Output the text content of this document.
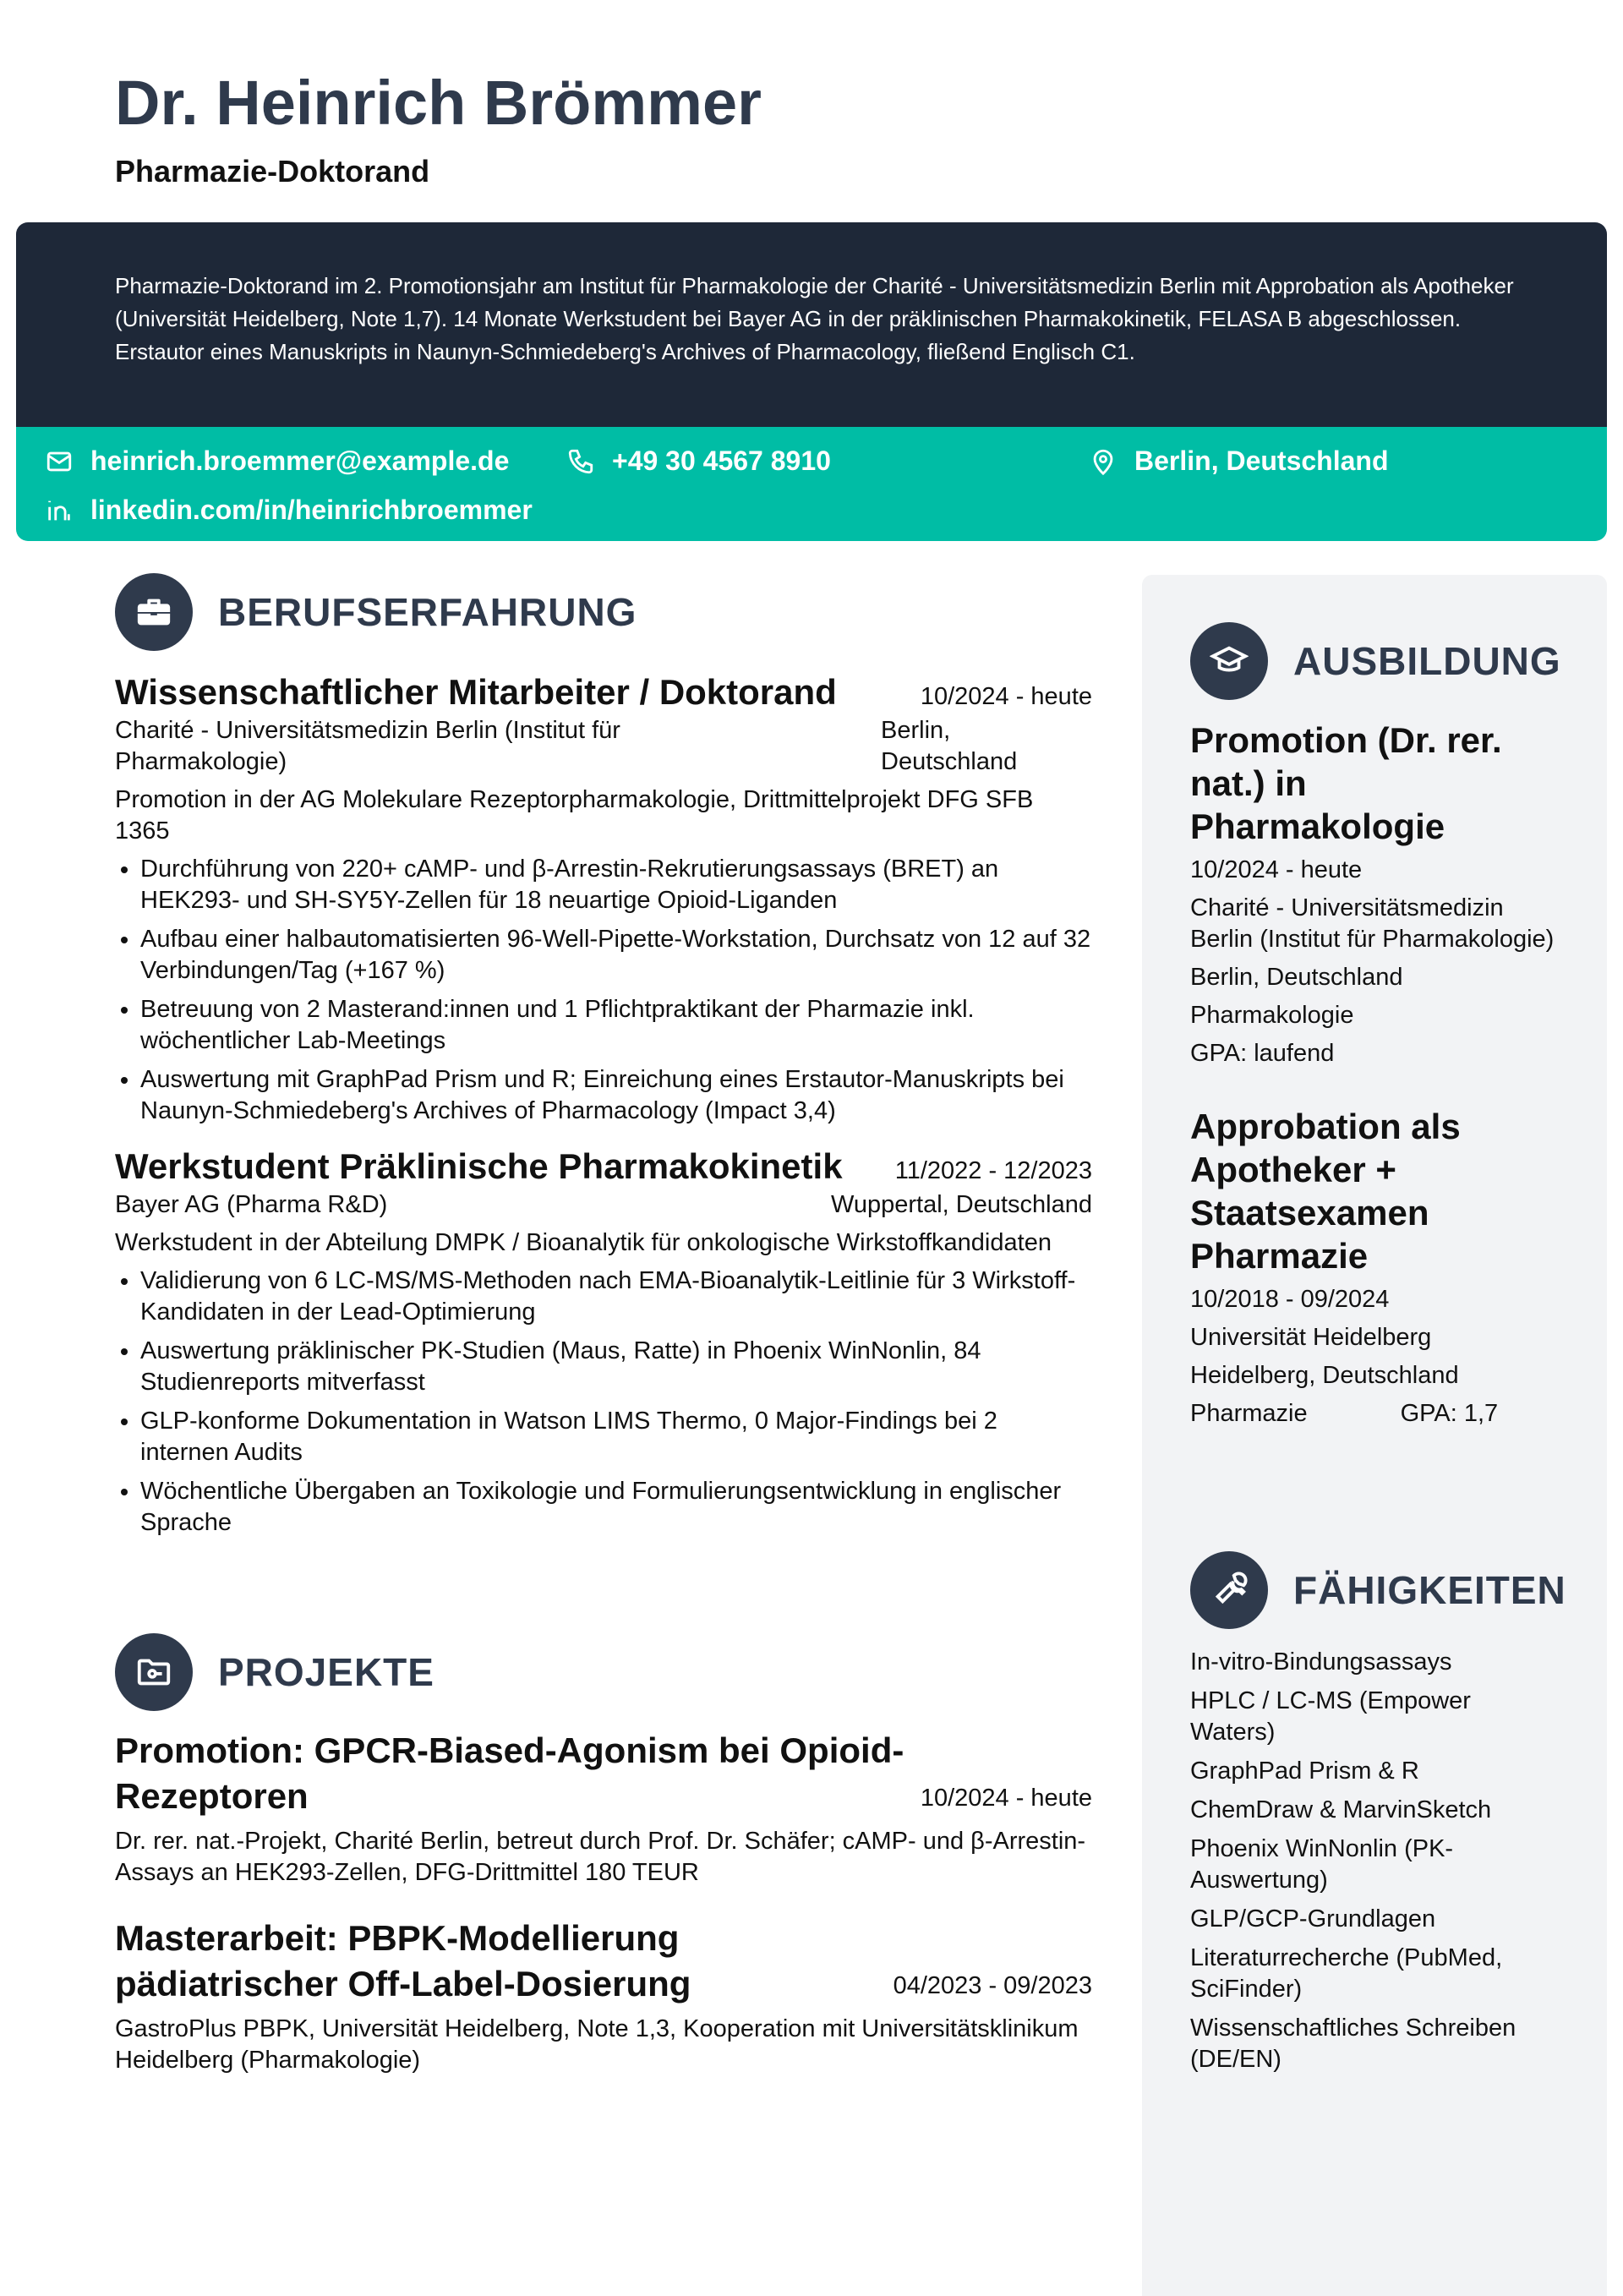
Dr. Heinrich Brömmer
Pharmazie-Doktorand
Pharmazie-Doktorand im 2. Promotionsjahr am Institut für Pharmakologie der Charité - Universitätsmedizin Berlin mit Approbation als Apotheker (Universität Heidelberg, Note 1,7). 14 Monate Werkstudent bei Bayer AG in der präklinischen Pharmakokinetik, FELASA B abgeschlossen. Erstautor eines Manuskripts in Naunyn-Schmiedeberg's Archives of Pharmacology, fließend Englisch C1.
heinrich.broemmer@example.de	+49 30 4567 8910	Berlin, Deutschland
linkedin.com/in/heinrichbroemmer
BERUFSERFAHRUNG
Wissenschaftlicher Mitarbeiter / Doktorand	10/2024 - heute
Charité - Universitätsmedizin Berlin (Institut für Pharmakologie)
Berlin, Deutschland
Promotion in der AG Molekulare Rezeptorpharmakologie, Drittmittelprojekt DFG SFB 1365
• Durchführung von 220+ cAMP- und β-Arrestin-Rekrutierungsassays (BRET) an HEK293- und SH-SY5Y-Zellen für 18 neuartige Opioid-Liganden
• Aufbau einer halbautomatisierten 96-Well-Pipette-Workstation, Durchsatz von 12 auf 32 Verbindungen/Tag (+167 %)
• Betreuung von 2 Masterand:innen und 1 Pflichtpraktikant der Pharmazie inkl. wöchentlicher Lab-Meetings
• Auswertung mit GraphPad Prism und R; Einreichung eines Erstautor-Manuskripts bei Naunyn-Schmiedeberg's Archives of Pharmacology (Impact 3,4)
Werkstudent Präklinische Pharmakokinetik 11/2022 - 12/2023
Bayer AG (Pharma R&D)	Wuppertal, Deutschland
Werkstudent in der Abteilung DMPK / Bioanalytik für onkologische Wirkstoffkandidaten
• Validierung von 6 LC-MS/MS-Methoden nach EMA-Bioanalytik-Leitlinie für 3 Wirkstoff-Kandidaten in der Lead-Optimierung
• Auswertung präklinischer PK-Studien (Maus, Ratte) in Phoenix WinNonlin, 84 Studienreports mitverfasst
• GLP-konforme Dokumentation in Watson LIMS Thermo, 0 Major-Findings bei 2 internen Audits
• Wöchentliche Übergaben an Toxikologie und Formulierungsentwicklung in englischer Sprache
PROJEKTE
Promotion: GPCR-Biased-Agonism bei Opioid-Rezeptoren	10/2024 - heute
Dr. rer. nat.-Projekt, Charité Berlin, betreut durch Prof. Dr. Schäfer; cAMP- und β-Arrestin-Assays an HEK293-Zellen, DFG-Drittmittel 180 TEUR
Masterarbeit: PBPK-Modellierung pädiatrischer Off-Label-Dosierung	04/2023 - 09/2023
GastroPlus PBPK, Universität Heidelberg, Note 1,3, Kooperation mit Universitätsklinikum Heidelberg (Pharmakologie)
AUSBILDUNG
Promotion (Dr. rer. nat.) in Pharmakologie
10/2024 - heute
Charité - Universitätsmedizin Berlin (Institut für Pharmakologie)
Berlin, Deutschland
Pharmakologie
GPA: laufend
Approbation als Apotheker + Staatsexamen Pharmazie
10/2018 - 09/2024
Universität Heidelberg
Heidelberg, Deutschland
Pharmazie	GPA: 1,7
FÄHIGKEITEN
In-vitro-Bindungsassays
HPLC / LC-MS (Empower Waters)
GraphPad Prism & R
ChemDraw & MarvinSketch
Phoenix WinNonlin (PK-Auswertung)
GLP/GCP-Grundlagen
Literaturrecherche (PubMed, SciFinder)
Wissenschaftliches Schreiben (DE/EN)
